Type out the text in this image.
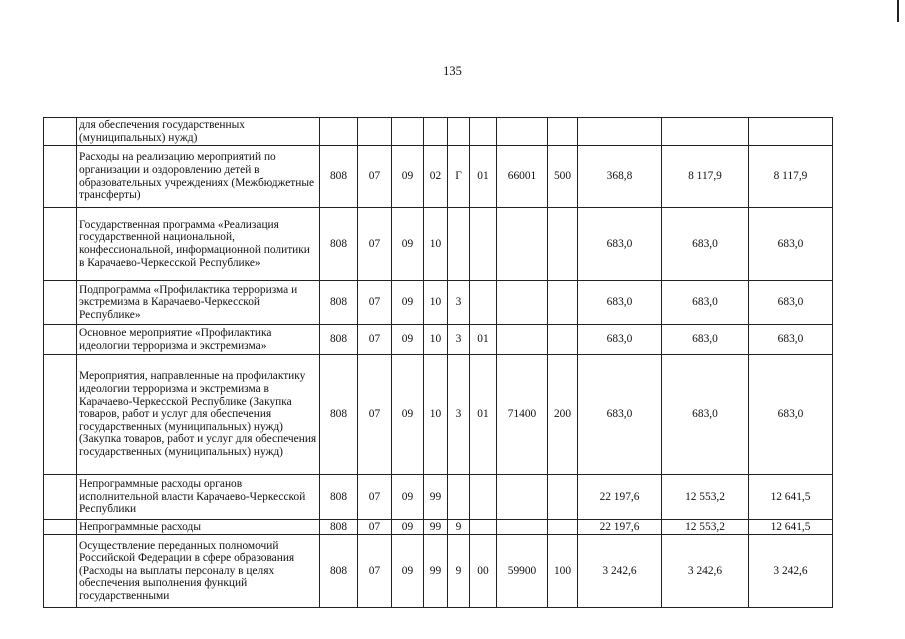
135
	для обеспечения государственных (муниципальных) нужд)											
	Расходы на реализацию мероприятий по организации и оздоровлению детей в образовательных учреждениях (Межбюджетные трансферты)	808	07	09	02	Г	01	66001	500	368,8	8 117,9	8 117,9
	Государственная программа «Реализация государственной национальной, конфессиональной, информационной политики в Карачаево-Черкесской Республике»	808	07	09	10					683,0	683,0	683,0
	Подпрограмма «Профилактика терроризма и экстремизма в Карачаево-Черкесской Республике»	808	07	09	10	3				683,0	683,0	683,0
	Основное мероприятие «Профилактика идеологии терроризма и экстремизма»	808	07	09	10	3	01			683,0	683,0	683,0
	Мероприятия, направленные на профилактику идеологии терроризма и экстремизма в Карачаево-Черкесской Республике (Закупка товаров, работ и услуг для обеспечения государственных (муниципальных) нужд) (Закупка товаров, работ и услуг для обеспечения государственных (муниципальных) нужд)	808	07	09	10	3	01	71400	200	683,0	683,0	683,0
	Непрограммные расходы органов исполнительной власти Карачаево-Черкесской Республики	808	07	09	99					22 197,6	12 553,2	12 641,5
	Непрограммные расходы	808	07	09	99	9				22 197,6	12 553,2	12 641,5
	Осуществление переданных полномочий Российской Федерации в сфере образования (Расходы на выплаты персоналу в целях обеспечения выполнения функций государственными	808	07	09	99	9	00	59900	100	3 242,6	3 242,6	3 242,6
